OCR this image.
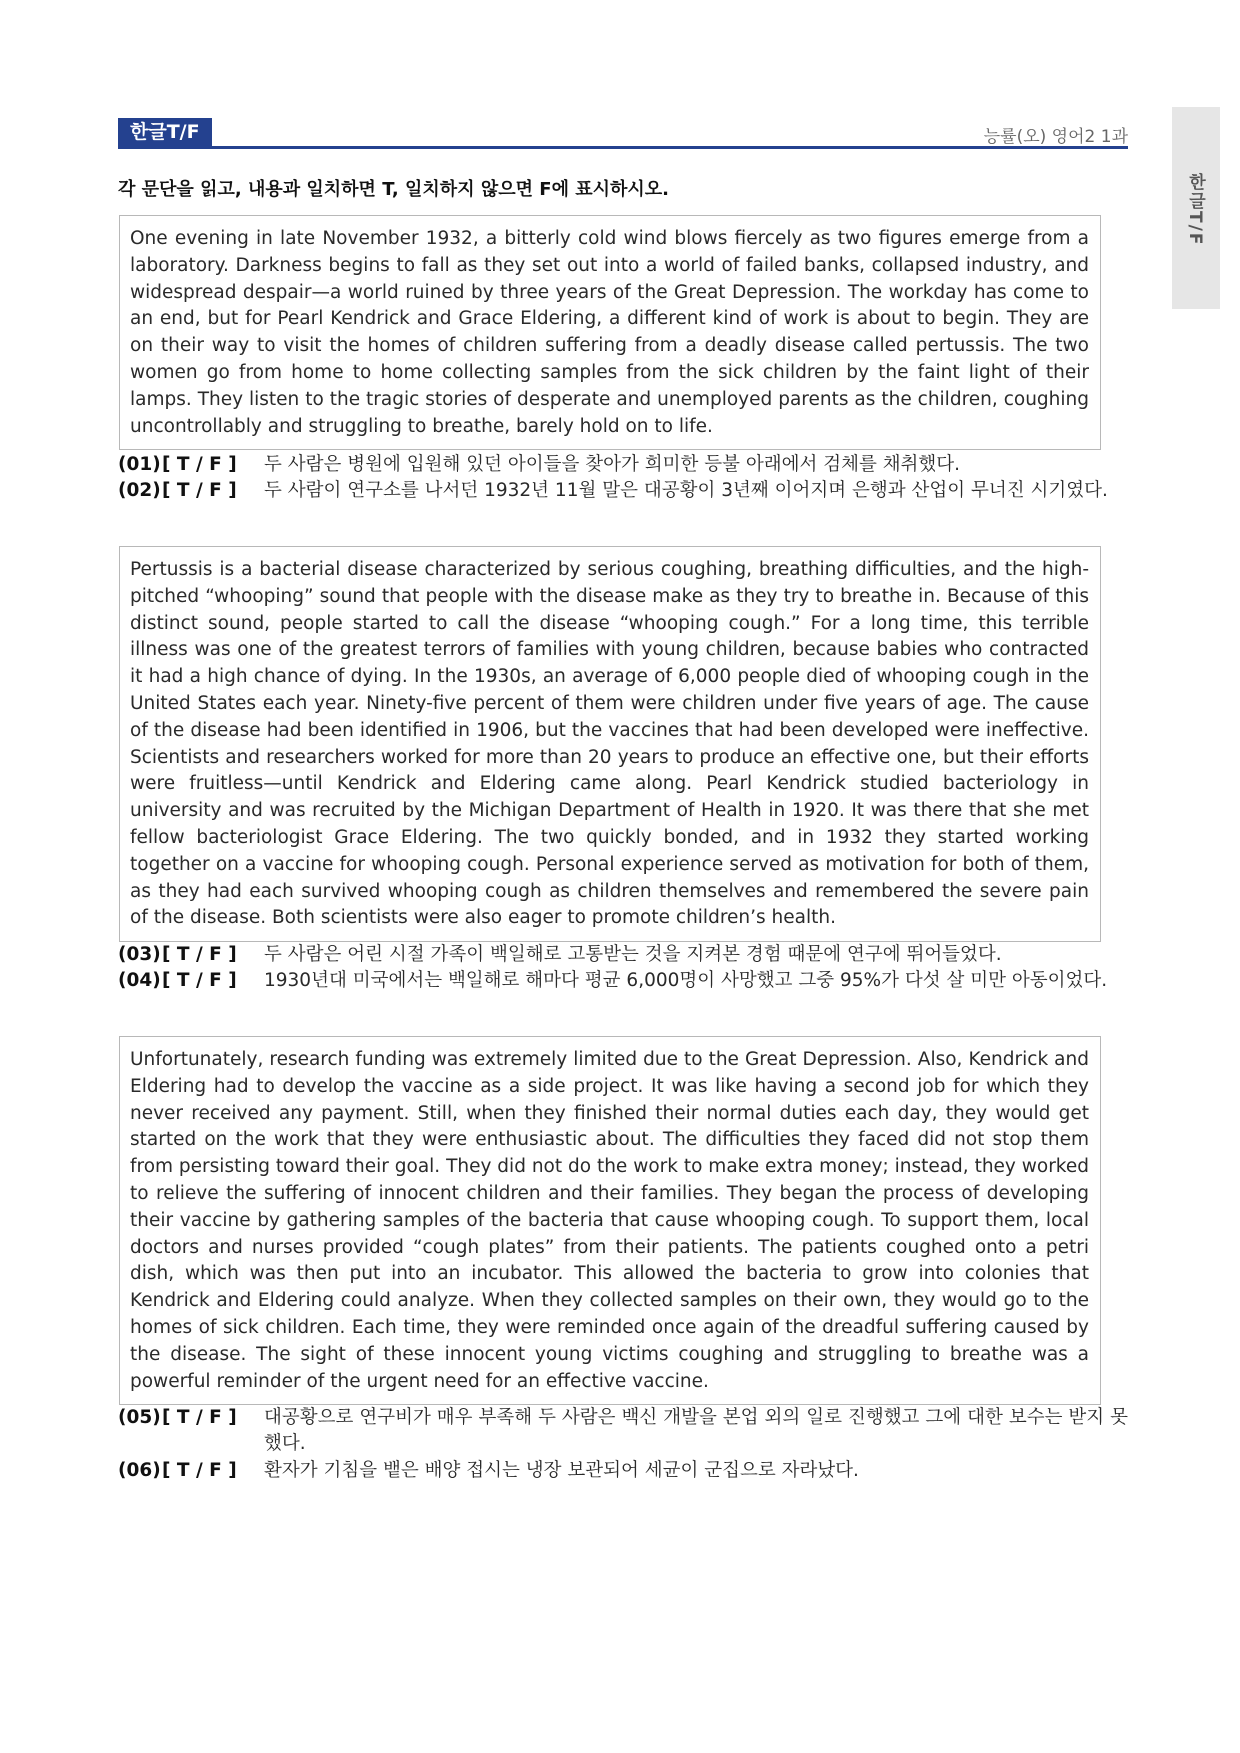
한글T/F	능률(오) 영어2 1과
한글T/F
각 문단을 읽고, 내용과 일치하면 T, 일치하지 않으면 F에 표시하시오.
One evening in late November 1932, a bitterly cold wind blows fiercely as two figures emerge from a laboratory. Darkness begins to fall as they set out into a world of failed banks, collapsed industry, and widespread despair—a world ruined by three years of the Great Depression. The workday has come to an end, but for Pearl Kendrick and Grace Eldering, a different kind of work is about to begin. They are on their way to visit the homes of children suffering from a deadly disease called pertussis. The two women go from home to home collecting samples from the sick children by the faint light of their lamps. They listen to the tragic stories of desperate and unemployed parents as the children, coughing uncontrollably and struggling to breathe, barely hold on to life.
(01) [ T / F ] 두 사람은 병원에 입원해 있던 아이들을 찾아가 희미한 등불 아래에서 검체를 채취했다.
(02) [ T / F ] 두 사람이 연구소를 나서던 1932년 11월 말은 대공황이 3년째 이어지며 은행과 산업이 무너진 시기였다.
Pertussis is a bacterial disease characterized by serious coughing, breathing difficulties, and the high-pitched “whooping” sound that people with the disease make as they try to breathe in. Because of this distinct sound, people started to call the disease “whooping cough.” For a long time, this terrible illness was one of the greatest terrors of families with young children, because babies who contracted it had a high chance of dying. In the 1930s, an average of 6,000 people died of whooping cough in the United States each year. Ninety-five percent of them were children under five years of age. The cause of the disease had been identified in 1906, but the vaccines that had been developed were ineffective. Scientists and researchers worked for more than 20 years to produce an effective one, but their efforts were fruitless—until Kendrick and Eldering came along. Pearl Kendrick studied bacteriology in university and was recruited by the Michigan Department of Health in 1920. It was there that she met fellow bacteriologist Grace Eldering. The two quickly bonded, and in 1932 they started working together on a vaccine for whooping cough. Personal experience served as motivation for both of them, as they had each survived whooping cough as children themselves and remembered the severe pain of the disease. Both scientists were also eager to promote children’s health.
(03) [ T / F ] 두 사람은 어린 시절 가족이 백일해로 고통받는 것을 지켜본 경험 때문에 연구에 뛰어들었다.
(04) [ T / F ] 1930년대 미국에서는 백일해로 해마다 평균 6,000명이 사망했고 그중 95%가 다섯 살 미만 아동이었다.
Unfortunately, research funding was extremely limited due to the Great Depression. Also, Kendrick and Eldering had to develop the vaccine as a side project. It was like having a second job for which they never received any payment. Still, when they finished their normal duties each day, they would get started on the work that they were enthusiastic about. The difficulties they faced did not stop them from persisting toward their goal. They did not do the work to make extra money; instead, they worked to relieve the suffering of innocent children and their families. They began the process of developing their vaccine by gathering samples of the bacteria that cause whooping cough. To support them, local doctors and nurses provided “cough plates” from their patients. The patients coughed onto a petri dish, which was then put into an incubator. This allowed the bacteria to grow into colonies that Kendrick and Eldering could analyze. When they collected samples on their own, they would go to the homes of sick children. Each time, they were reminded once again of the dreadful suffering caused by the disease. The sight of these innocent young victims coughing and struggling to breathe was a powerful reminder of the urgent need for an effective vaccine.
(05) [ T / F ] 대공황으로 연구비가 매우 부족해 두 사람은 백신 개발을 본업 외의 일로 진행했고 그에 대한 보수는 받지 못했다.
(06) [ T / F ] 환자가 기침을 뱉은 배양 접시는 냉장 보관되어 세균이 군집으로 자라났다.
